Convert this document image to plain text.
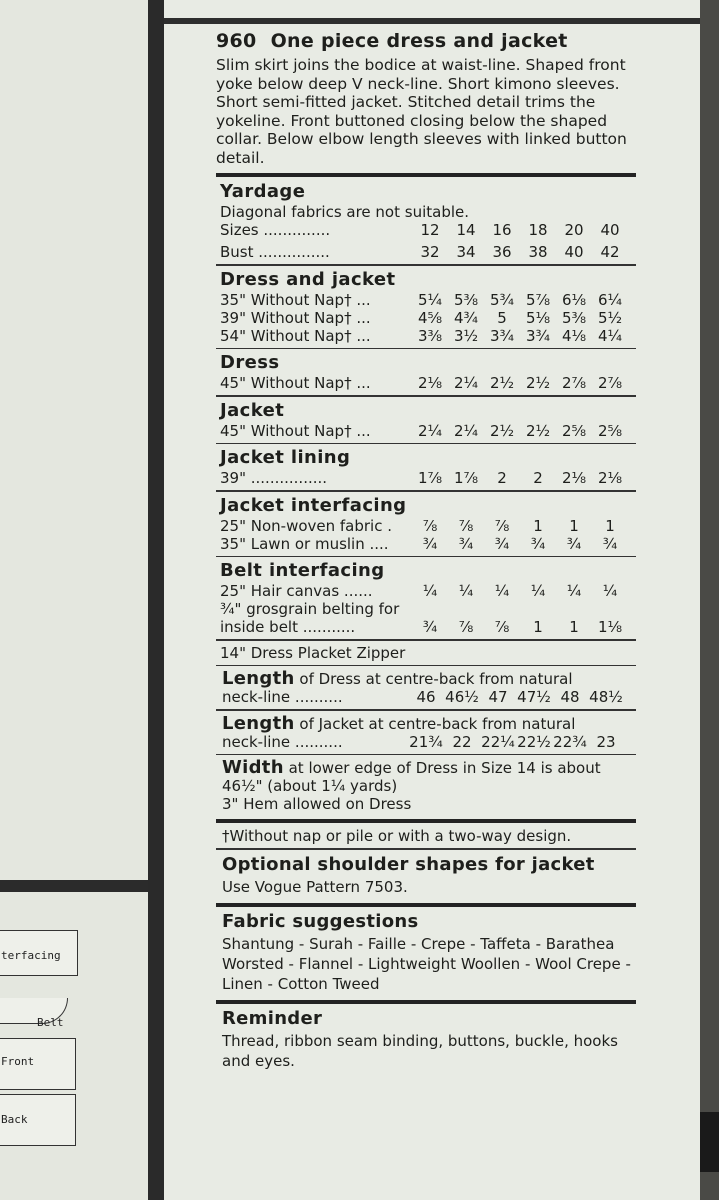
terfacing
Belt
Front
Back
960 One piece dress and jacket

Slim skirt joins the bodice at waist-line. Shaped front yoke below deep V neck-line. Short kimono sleeves. Short semi-fitted jacket. Stitched detail trims the yokeline. Front buttoned closing below the shaped collar. Below elbow length sleeves with linked button detail.

Yardage
Diagonal fabrics are not suitable.
Sizes ..............	12	14	16	18	20	40
Bust ...............	32	34	36	38	40	42
Dress and jacket
35" Without Nap† ...	5¼ 5⅜ 5¾ 5⅞ 6⅛ 6¼
39" Without Nap† ...	4⅝ 4¾	5	5⅛ 5⅜ 5½
54" Without Nap† ...	3⅜ 3½ 3¾ 3¾ 4⅛ 4¼
Dress
45" Without Nap† ...	2⅛ 2¼ 2½ 2½ 2⅞ 2⅞
Jacket
45" Without Nap† ...	2¼ 2¼ 2½ 2½ 2⅝ 2⅝
Jacket lining
39" ................	1⅞ 1⅞	2	2	2⅛ 2⅛
Jacket interfacing
25" Non-woven fabric .	⅞	⅞	⅞	1	1	1
35" Lawn or muslin ....	¾	¾	¾	¾	¾	¾
Belt interfacing
25" Hair canvas ......	¼	¼	¼	¼	¼	¼
¾" grosgrain belting for
inside belt ...........	¾	⅞	⅞	1	1	1⅛
14" Dress Placket Zipper
Length of Dress at centre-back from natural
neck-line ..........	46 46½ 47 47½ 48 48½
Length of Jacket at centre-back from natural
neck-line ..........	21¾ 22 22¼ 22½ 22¾ 23
Width at lower edge of Dress in Size 14 is about
46½" (about 1¼ yards)
3" Hem allowed on Dress
†Without nap or pile or with a two-way design.
Optional shoulder shapes for jacket
Use Vogue Pattern 7503.
Fabric suggestions
Shantung - Surah - Faille - Crepe - Taffeta - Barathea Worsted - Flannel - Lightweight Woollen - Wool Crepe - Linen - Cotton Tweed
Reminder
Thread, ribbon seam binding, buttons, buckle, hooks and eyes.
